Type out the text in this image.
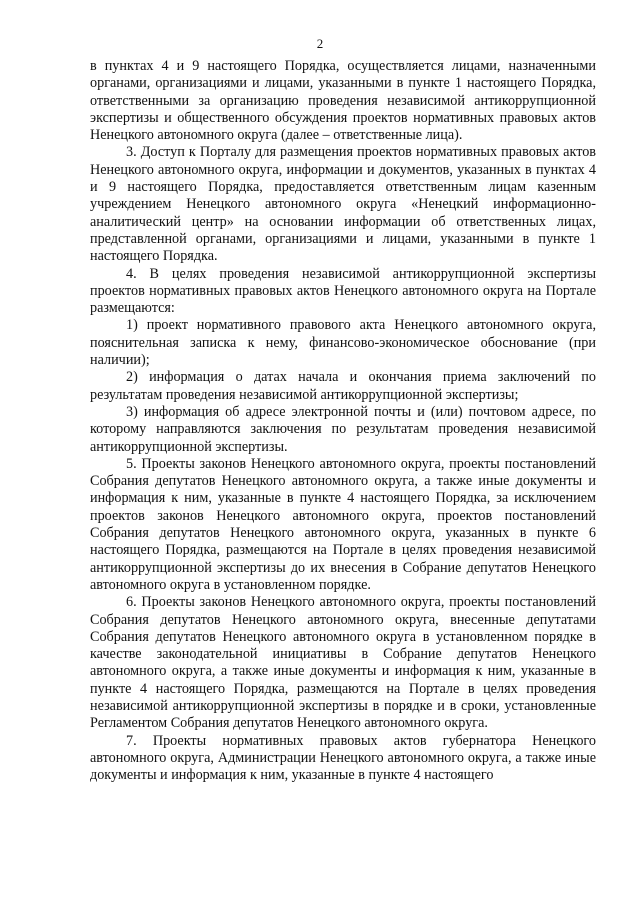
2

в пунктах 4 и 9 настоящего Порядка, осуществляется лицами, назначенными органами, организациями и лицами, указанными в пункте 1 настоящего Порядка, ответственными за организацию проведения независимой антикоррупционной экспертизы и общественного обсуждения проектов нормативных правовых актов Ненецкого автономного округа (далее – ответственные лица).

3. Доступ к Порталу для размещения проектов нормативных правовых актов Ненецкого автономного округа, информации и документов, указанных в пунктах 4 и 9 настоящего Порядка, предоставляется ответственным лицам казенным учреждением Ненецкого автономного округа «Ненецкий информационно-аналитический центр» на основании информации об ответственных лицах, представленной органами, организациями и лицами, указанными в пункте 1 настоящего Порядка.

4. В целях проведения независимой антикоррупционной экспертизы проектов нормативных правовых актов Ненецкого автономного округа на Портале размещаются:

1) проект нормативного правового акта Ненецкого автономного округа, пояснительная записка к нему, финансово-экономическое обоснование (при наличии);

2) информация о датах начала и окончания приема заключений по результатам проведения независимой антикоррупционной экспертизы;

3) информация об адресе электронной почты и (или) почтовом адресе, по которому направляются заключения по результатам проведения независимой антикоррупционной экспертизы.

5. Проекты законов Ненецкого автономного округа, проекты постановлений Собрания депутатов Ненецкого автономного округа, а также иные документы и информация к ним, указанные в пункте 4 настоящего Порядка, за исключением проектов законов Ненецкого автономного округа, проектов постановлений Собрания депутатов Ненецкого автономного округа, указанных в пункте 6 настоящего Порядка, размещаются на Портале в целях проведения независимой антикоррупционной экспертизы до их внесения в Собрание депутатов Ненецкого автономного округа в установленном порядке.

6. Проекты законов Ненецкого автономного округа, проекты постановлений Собрания депутатов Ненецкого автономного округа, внесенные депутатами Собрания депутатов Ненецкого автономного округа в установленном порядке в качестве законодательной инициативы в Собрание депутатов Ненецкого автономного округа, а также иные документы и информация к ним, указанные в пункте 4 настоящего Порядка, размещаются на Портале в целях проведения независимой антикоррупционной экспертизы в порядке и в сроки, установленные Регламентом Собрания депутатов Ненецкого автономного округа.

7. Проекты нормативных правовых актов губернатора Ненецкого автономного округа, Администрации Ненецкого автономного округа, а также иные документы и информация к ним, указанные в пункте 4 настоящего
